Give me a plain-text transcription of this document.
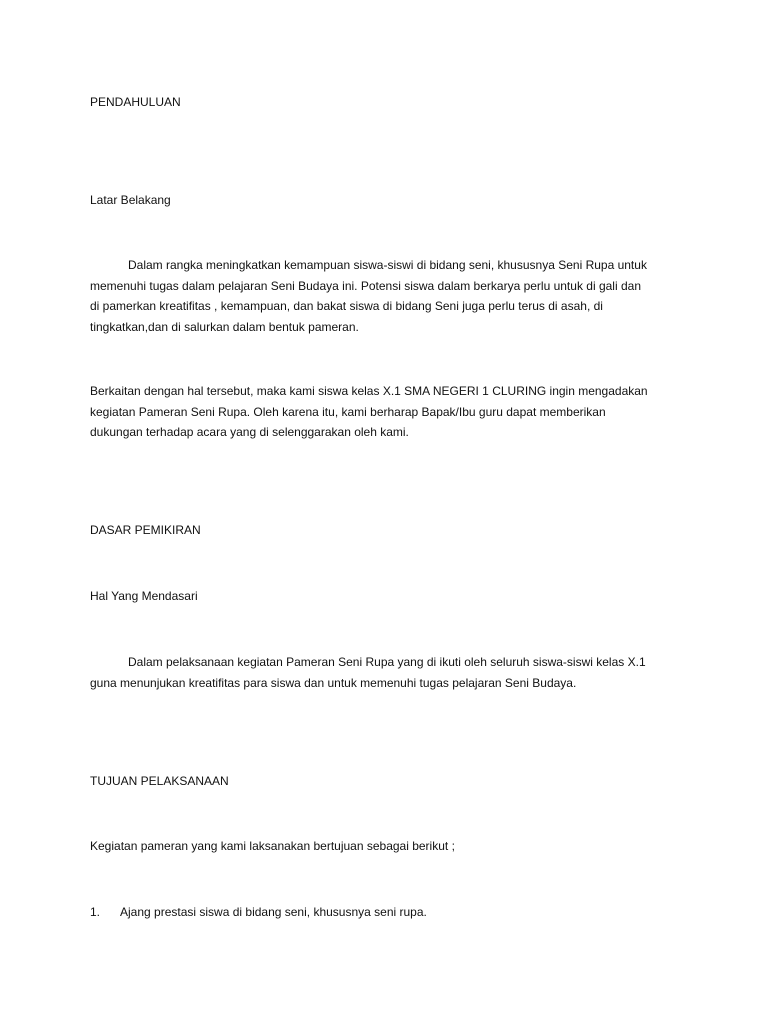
PENDAHULUAN

Latar Belakang

Dalam rangka meningkatkan kemampuan siswa-siswi di bidang seni, khususnya Seni Rupa untuk
memenuhi tugas dalam pelajaran Seni Budaya ini. Potensi siswa dalam berkarya perlu untuk di gali dan
di pamerkan kreatifitas , kemampuan, dan bakat siswa di bidang Seni juga perlu terus di asah, di
tingkatkan,dan di salurkan dalam bentuk pameran.
Berkaitan dengan hal tersebut, maka kami siswa kelas X.1 SMA NEGERI 1 CLURING ingin mengadakan
kegiatan Pameran Seni Rupa. Oleh karena itu, kami berharap Bapak/Ibu guru dapat memberikan
dukungan terhadap acara yang di selenggarakan oleh kami.

DASAR PEMIKIRAN

Hal Yang Mendasari

Dalam pelaksanaan kegiatan Pameran Seni Rupa yang di ikuti oleh seluruh siswa-siswi kelas X.1
guna menunjukan kreatifitas para siswa dan untuk memenuhi tugas pelajaran Seni Budaya.

TUJUAN PELAKSANAAN

Kegiatan pameran yang kami laksanakan bertujuan sebagai berikut ;

1. Ajang prestasi siswa di bidang seni, khususnya seni rupa.
